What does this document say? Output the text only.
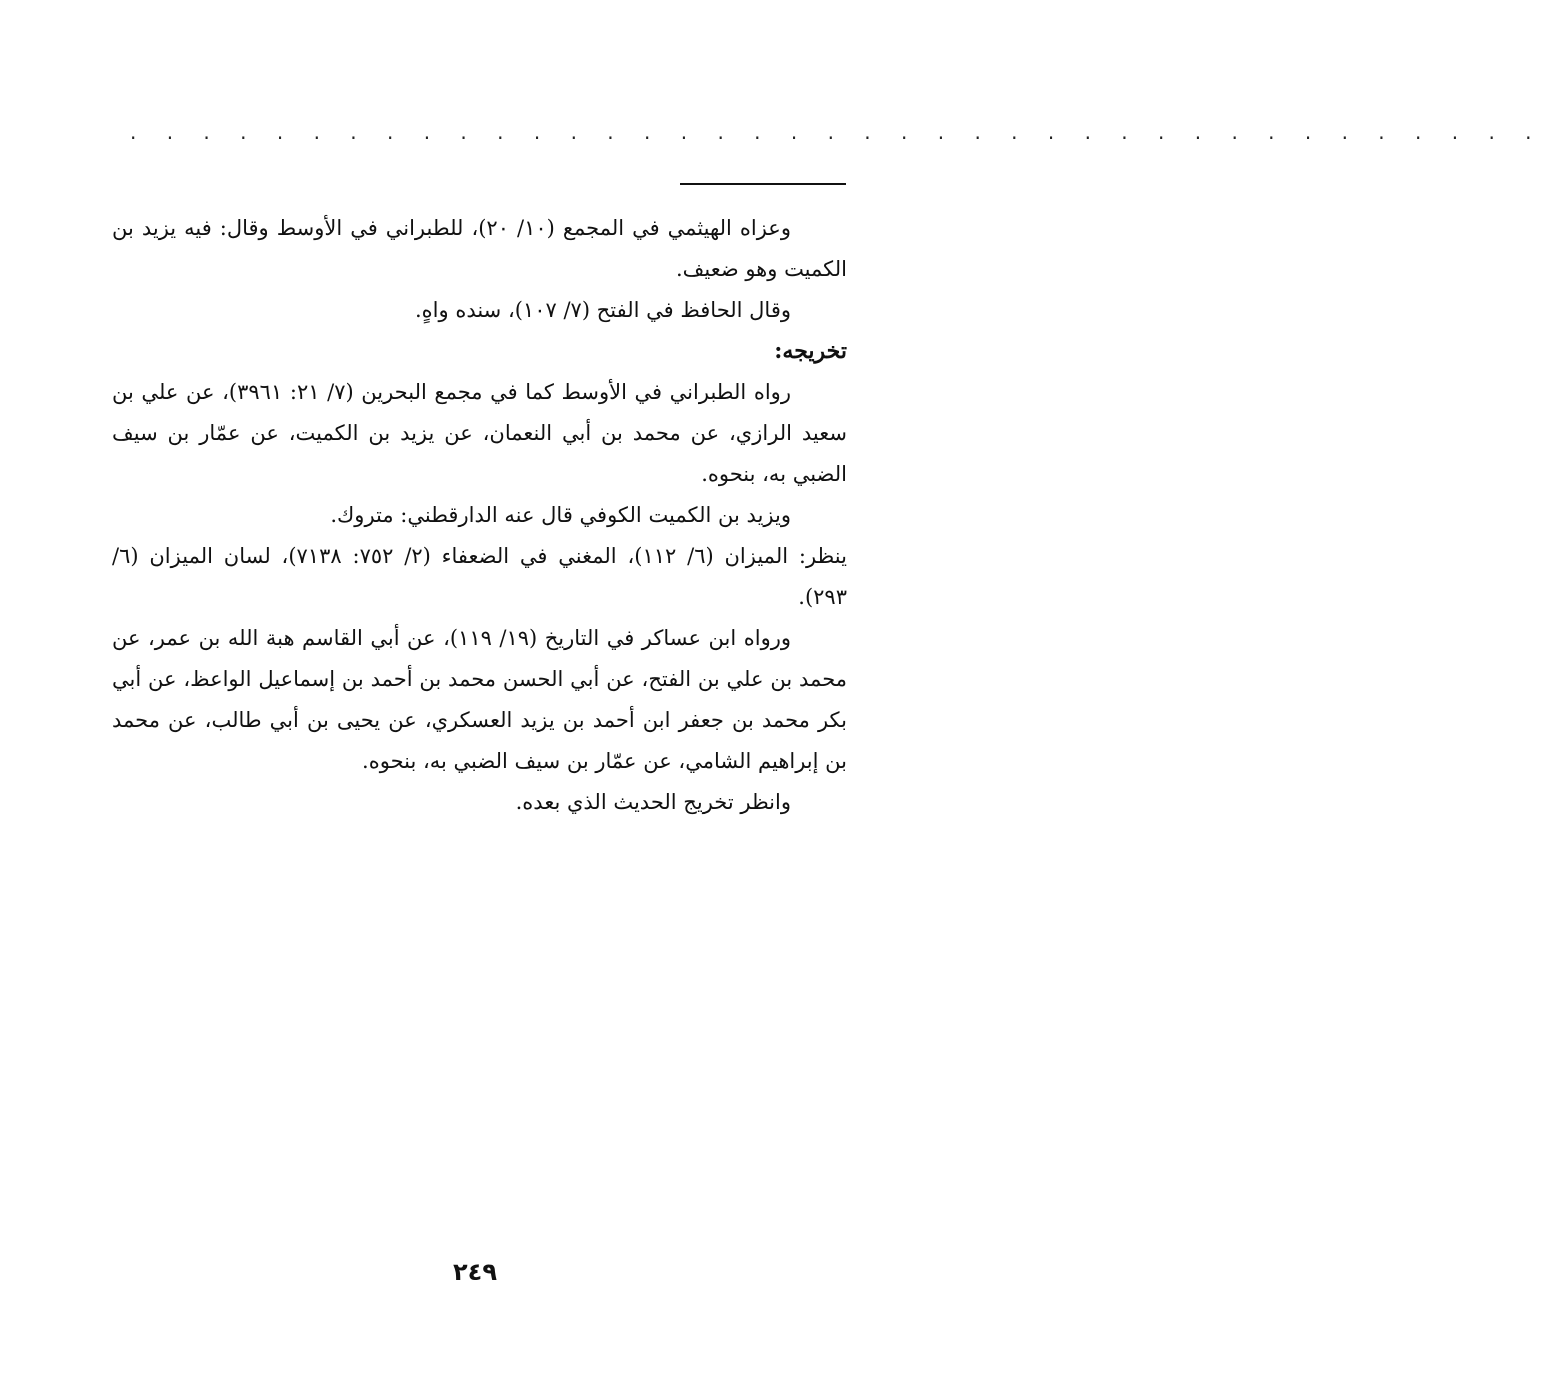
. . . . . . . . . . . . . . . . . . . . . . . . . . . . . . . . . . . . . . .

وعزاه الهيثمي في المجمع (١٠/ ٢٠)، للطبراني في الأوسط وقال: فيه يزيد بن الكميت وهو ضعيف.

وقال الحافظ في الفتح (٧/ ١٠٧)، سنده واهٍ.

تخريجه:

رواه الطبراني في الأوسط كما في مجمع البحرين (٧/ ٢١: ٣٩٦١)، عن علي بن سعيد الرازي، عن محمد بن أبي النعمان، عن يزيد بن الكميت، عن عمّار بن سيف الضبي به، بنحوه.

ويزيد بن الكميت الكوفي قال عنه الدارقطني: متروك.

ينظر: الميزان (٦/ ١١٢)، المغني في الضعفاء (٢/ ٧٥٢: ٧١٣٨)، لسان الميزان (٦/ ٢٩٣).

ورواه ابن عساكر في التاريخ (١٩/ ١١٩)، عن أبي القاسم هبة الله بن عمر، عن محمد بن علي بن الفتح، عن أبي الحسن محمد بن أحمد بن إسماعيل الواعظ، عن أبي بكر محمد بن جعفر ابن أحمد بن يزيد العسكري، عن يحيى بن أبي طالب، عن محمد بن إبراهيم الشامي، عن عمّار بن سيف الضبي به، بنحوه.

وانظر تخريج الحديث الذي بعده.

٢٤٩
